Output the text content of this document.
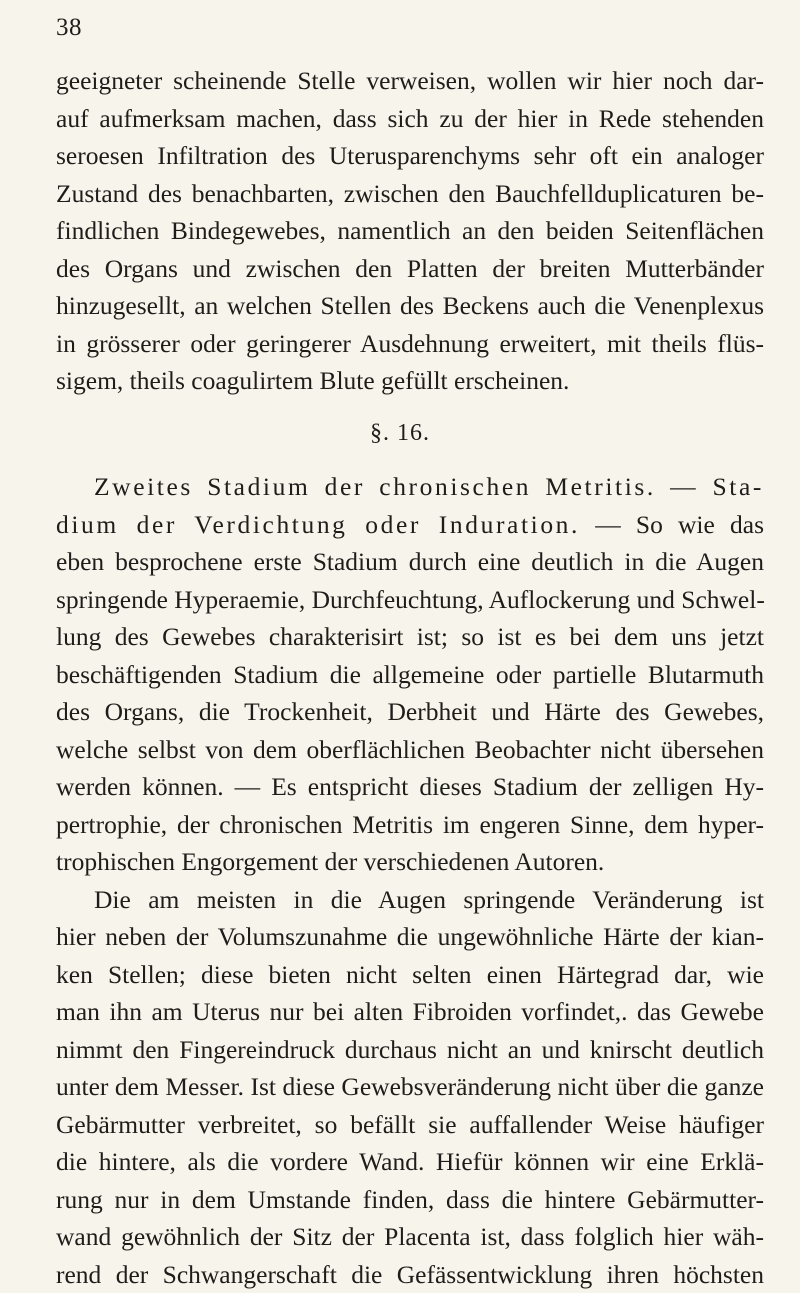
38
geeigneter scheinende Stelle verweisen, wollen wir hier noch dar-
auf aufmerksam machen, dass sich zu der hier in Rede stehenden
seroesen Infiltration des Uterusparenchyms sehr oft ein analoger
Zustand des benachbarten, zwischen den Bauchfellduplicaturen be-
findlichen Bindegewebes, namentlich an den beiden Seitenflächen
des Organs und zwischen den Platten der breiten Mutterbänder
hinzugesellt, an welchen Stellen des Beckens auch die Venenplexus
in grösserer oder geringerer Ausdehnung erweitert, mit theils flüs-
sigem, theils coagulirtem Blute gefüllt erscheinen.
§. 16.
Zweites Stadium der chronischen Metritis. — Sta-
dium der Verdichtung oder Induration. — So wie das
eben besprochene erste Stadium durch eine deutlich in die Augen
springende Hyperaemie, Durchfeuchtung, Auflockerung und Schwel-
lung des Gewebes charakterisirt ist; so ist es bei dem uns jetzt
beschäftigenden Stadium die allgemeine oder partielle Blutarmuth
des Organs, die Trockenheit, Derbheit und Härte des Gewebes,
welche selbst von dem oberflächlichen Beobachter nicht übersehen
werden können. — Es entspricht dieses Stadium der zelligen Hy-
pertrophie, der chronischen Metritis im engeren Sinne, dem hyper-
trophischen Engorgement der verschiedenen Autoren.
Die am meisten in die Augen springende Veränderung ist
hier neben der Volumszunahme die ungewöhnliche Härte der kian-
ken Stellen; diese bieten nicht selten einen Härtegrad dar, wie
man ihn am Uterus nur bei alten Fibroiden vorfindet,. das Gewebe
nimmt den Fingereindruck durchaus nicht an und knirscht deutlich
unter dem Messer. Ist diese Gewebsveränderung nicht über die ganze
Gebärmutter verbreitet, so befällt sie auffallender Weise häufiger
die hintere, als die vordere Wand. Hiefür können wir eine Erklä-
rung nur in dem Umstande finden, dass die hintere Gebärmutter-
wand gewöhnlich der Sitz der Placenta ist, dass folglich hier wäh-
rend der Schwangerschaft die Gefässentwicklung ihren höchsten
